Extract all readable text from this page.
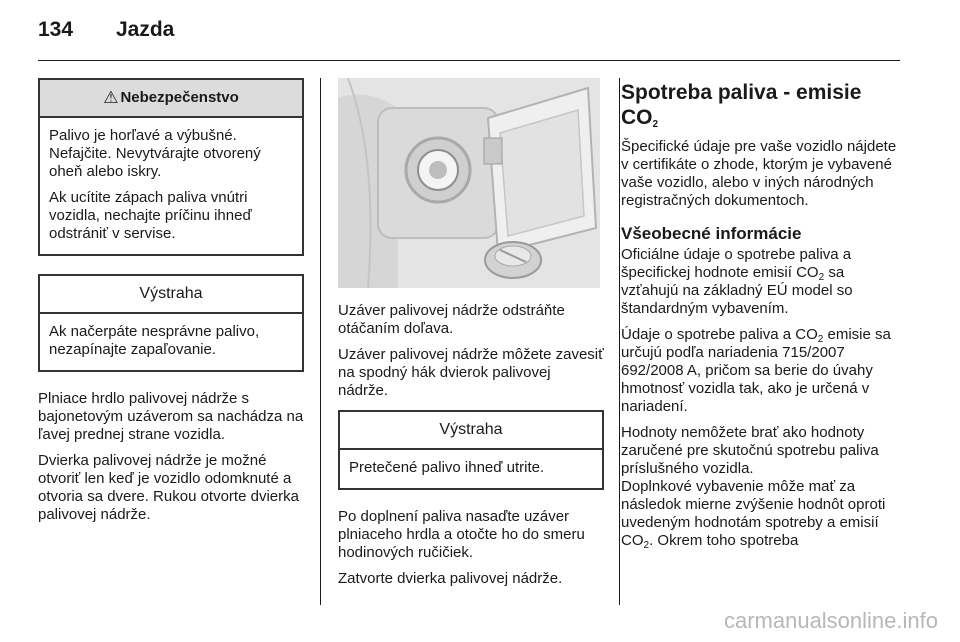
134	Jazda
⚠ Nebezpečenstvo

Palivo je horľavé a výbušné. Nefajčite. Nevytvárajte otvorený oheň alebo iskry.

Ak ucítite zápach paliva vnútri vozidla, nechajte príčinu ihneď odstrániť v servise.

Výstraha

Ak načerpáte nesprávne palivo, nezapínajte zapaľovanie.

Plniace hrdlo palivovej nádrže s bajonetovým uzáverom sa nachádza na ľavej prednej strane vozidla.

Dvierka palivovej nádrže je možné otvoriť len keď je vozidlo odomknuté a otvoria sa dvere. Rukou otvorte dvierka palivovej nádrže.

Uzáver palivovej nádrže odstráňte otáčaním doľava.

Uzáver palivovej nádrže môžete zavesiť na spodný hák dvierok palivovej nádrže.

Výstraha

Pretečené palivo ihneď utrite.

Po doplnení paliva nasaďte uzáver plniaceho hrdla a otočte ho do smeru hodinových ručičiek.

Zatvorte dvierka palivovej nádrže.

Spotreba paliva - emisie $CO_2$

Špecifické údaje pre vaše vozidlo nájdete v certifikáte o zhode, ktorým je vybavené vaše vozidlo, alebo v iných národných registračných dokumentoch.

Všeobecné informácie

Oficiálne údaje o spotrebe paliva a špecifickej hodnote emisií $CO_2$ sa vzťahujú na základný EÚ model so štandardným vybavením.

Údaje o spotrebe paliva a $CO_2$ emisie sa určujú podľa nariadenia 715/2007 692/2008 A, pričom sa berie do úvahy hmotnosť vozidla tak, ako je určená v nariadení.

Hodnoty nemôžete brať ako hodnoty zaručené pre skutočnú spotrebu paliva príslušného vozidla.

Doplnkové vybavenie môže mať za následok mierne zvýšenie hodnôt oproti uvedeným hodnotám spotreby a emisií $CO_2$. Okrem toho spotreba

carmanualsonline.info
